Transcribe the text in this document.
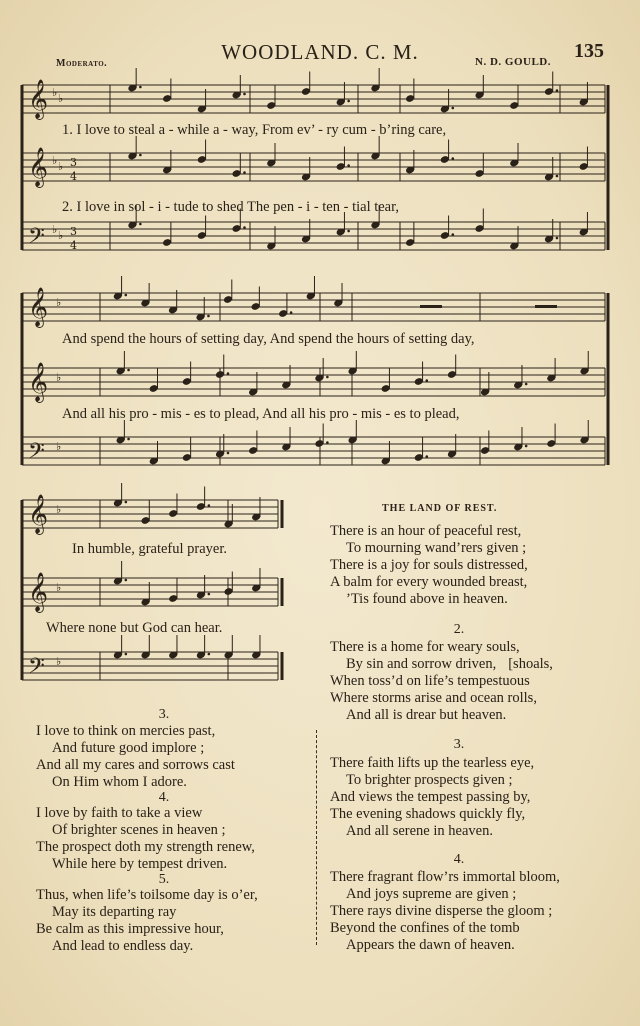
𝄞 ♭ ♭
𝄞 ♭ ♭ 3
4
𝄢 ♭ ♭ 3
4
𝄞 ♭
𝄞 ♭
𝄢 ♭
𝄞 ♭
𝄞 ♭
𝄢 ♭
WOODLAND. C. M.	135
Moderato.	N. D. GOULD.
1. I love to steal a - while a - way, From ev’ - ry cum - b’ring care,
2. I love in sol - i - tude to shed The pen - i - ten - tial tear,
And spend the hours of setting day, And spend the hours of setting day,
And all his pro - mis - es to plead, And all his pro - mis - es to plead,
In humble, grateful prayer.
Where none but God can hear.
THE LAND OF REST.
There is an hour of peaceful rest,
To mourning wand’rers given ;
There is a joy for souls distressed,
A balm for every wounded breast,
’Tis found above in heaven.
2.
There is a home for weary souls,
By sin and sorrow driven, [shoals,
When toss’d on life’s tempestuous
Where storms arise and ocean rolls,
And all is drear but heaven.
3.
There faith lifts up the tearless eye,
To brighter prospects given ;
And views the tempest passing by,
The evening shadows quickly fly,
And all serene in heaven.
4.
There fragrant flow’rs immortal bloom,
And joys supreme are given ;
There rays divine disperse the gloom ;
Beyond the confines of the tomb
Appears the dawn of heaven.
3.
I love to think on mercies past,
And future good implore ;
And all my cares and sorrows cast
On Him whom I adore.
4.
I love by faith to take a view
Of brighter scenes in heaven ;
The prospect doth my strength renew,
While here by tempest driven.
5.
Thus, when life’s toilsome day is o’er,
May its departing ray
Be calm as this impressive hour,
And lead to endless day.
